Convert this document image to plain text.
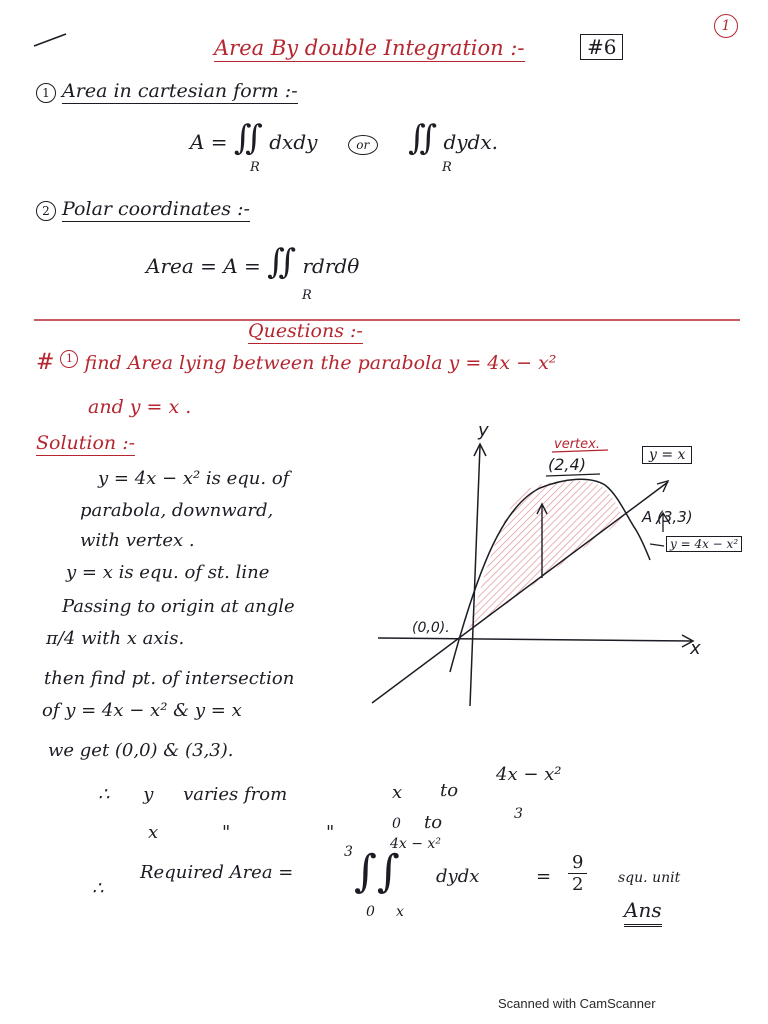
1
Area By double Integration :-	#6
1 Area in cartesian form :-
A = ∬ dxdy	or ∬ dydx.
R	R
2 Polar coordinates :-
Area = A = ∬ rdrdθ
R
Questions :-
# 1 find Area lying between the parabola y = 4x − x²
and y = x .
Solution :-
y = 4x − x² is equ. of
parabola, downward,
with vertex .
y = x is equ. of st. line
Passing to origin at angle
π/4 with x axis.
then find pt. of intersection
of y = 4x − x² & y = x
we get (0,0) & (3,3).
∴ y varies from	x to
4x − x²
x	"	"	0 to	3
∴
Required Area =
3	4x − x²
∫∫
0 x
dydx	= $\frac{9}{2}$ squ. unit
Ans
y
x
(0,0).
vertex.
(2,4)
A (3,3)
y = x
y = 4x − x²
Scanned with CamScanner
